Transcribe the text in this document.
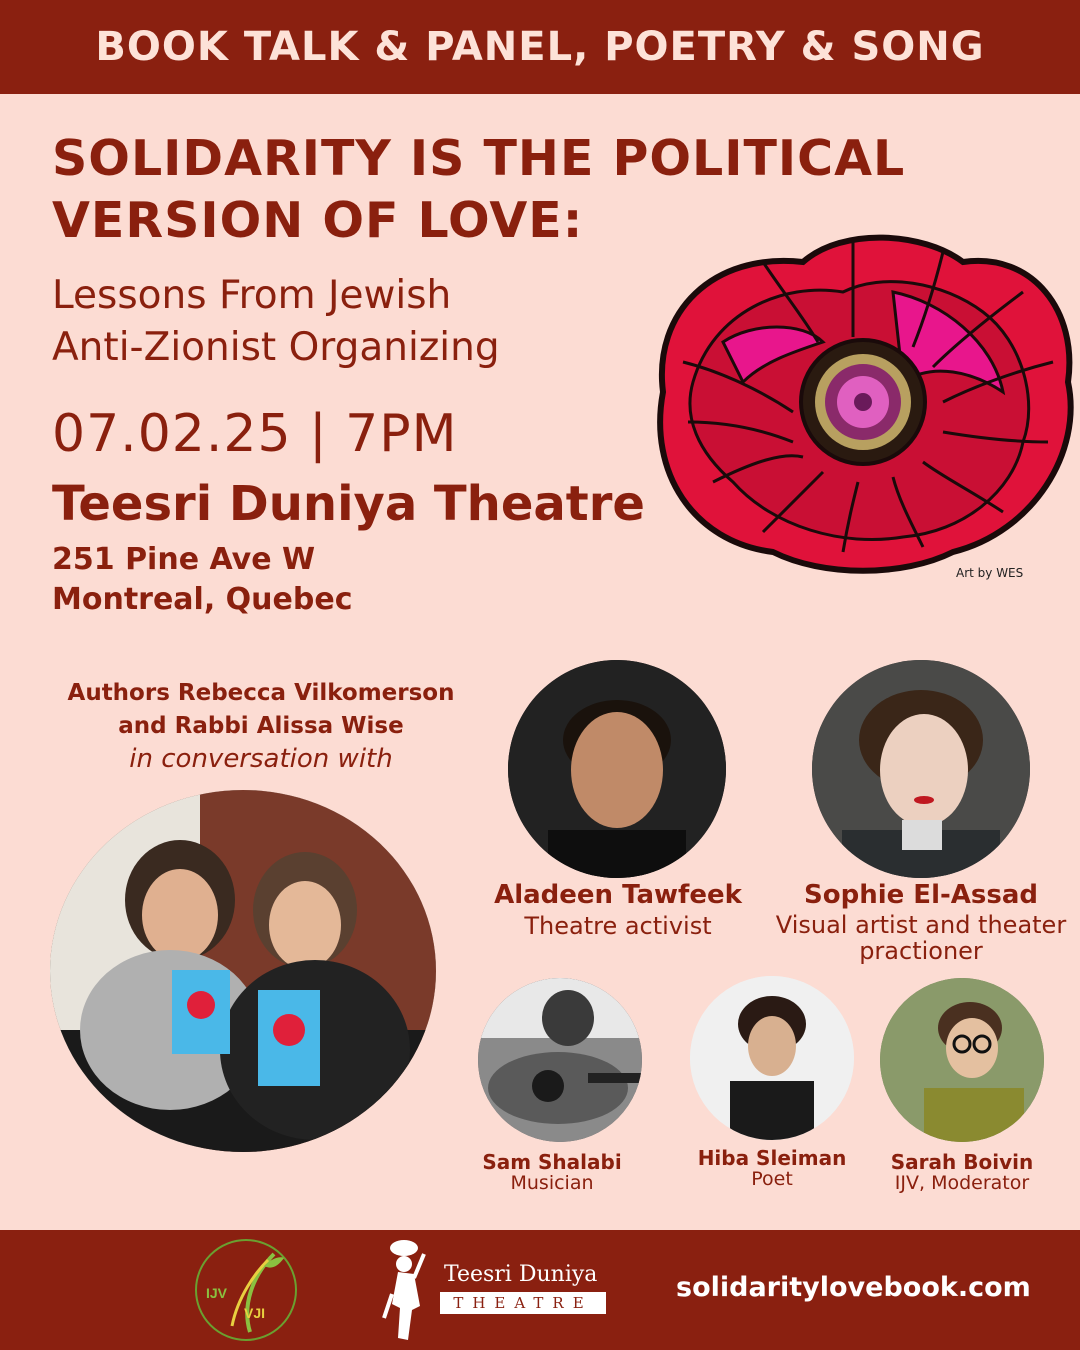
BOOK TALK & PANEL, POETRY & SONG
SOLIDARITY IS THE POLITICAL
VERSION OF LOVE:
Lessons From Jewish
Anti-Zionist Organizing
07.02.25 | 7PM
Teesri Duniya Theatre
251 Pine Ave W
Montreal, Quebec
Art by WES
Authors Rebecca Vilkomerson
and Rabbi Alissa Wise
in conversation with
Aladeen Tawfeek
Theatre activist
Sophie El-Assad
Visual artist and theater
practioner
Sam Shalabi
Musician
Hiba Sleiman
Poet
Sarah Boivin
IJV, Moderator
IJV
VJI
Teesri Duniya
THEATRE	solidaritylovebook.com
